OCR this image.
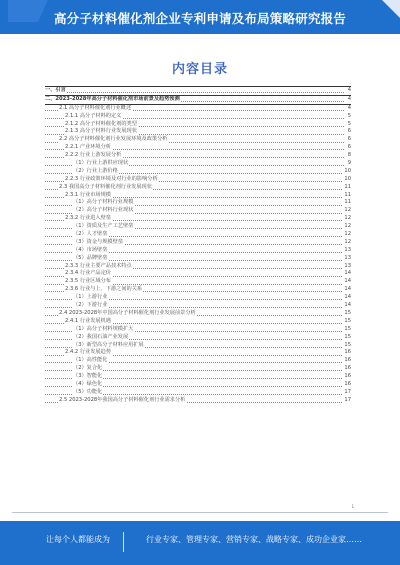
高分子材料催化剂企业专利申请及布局策略研究报告
内容目录
一、引言	4
二、2023-2028年高分子材料催化剂市场前景及趋势预测	4
2.1 高分子材料催化剂行业概述	4
2.1.1 高分子材料的定义	5
2.1.2 高分子材料催化剂的类型	5
2.1.3 高分子材料行业发展现状	6
2.2 高分子材料催化剂行业发展环境及政策分析	6
2.2.1 产业环境分析	6
2.2.2 行业上游发展分析	8
（1）行业上游供应现状	9
（2）行业上游价格	10
2.2.3 行业政策环境及对行业的影响分析	10
2.3 我国高分子材料催化剂行业发展现状	11
2.3.1 行业市场规模	11
（1）高分子材料行业规模	11
（2）高分子材料行业现状	12
2.3.2 行业进入壁垒	12
（1）资质及生产工艺壁垒	12
（2）人才壁垒	12
（3）资金与规模壁垒	12
（4）市场壁垒	13
（5）品牌壁垒	13
2.3.3 行业主要产品技术特点	13
2.3.4 行业产品定价	14
2.3.5 行业区域分布	14
2.3.6 行业与上、下游之间的关系	14
（1）上游行业	14
（2）下游行业	14
2.4 2023-2028年中国高分子材料催化剂行业发展前景分析	15
2.4.1 行业发展机遇	15
（1）高分子材料规模扩大	15
（2）我国石油产业发展	15
（3）新型高分子材料应用扩展	15
2.4.2 行业发展趋势	16
（1）高性能化	16
（2）复合化	16
（3）智能化	16
（4）绿色化	16
（5）功能化	17
2.5 2023-2028年我国高分子材料催化剂行业需求分析	17
1
让每个人都能成为	行业专家、管理专家、营销专家、战略专家、成功企业家……
